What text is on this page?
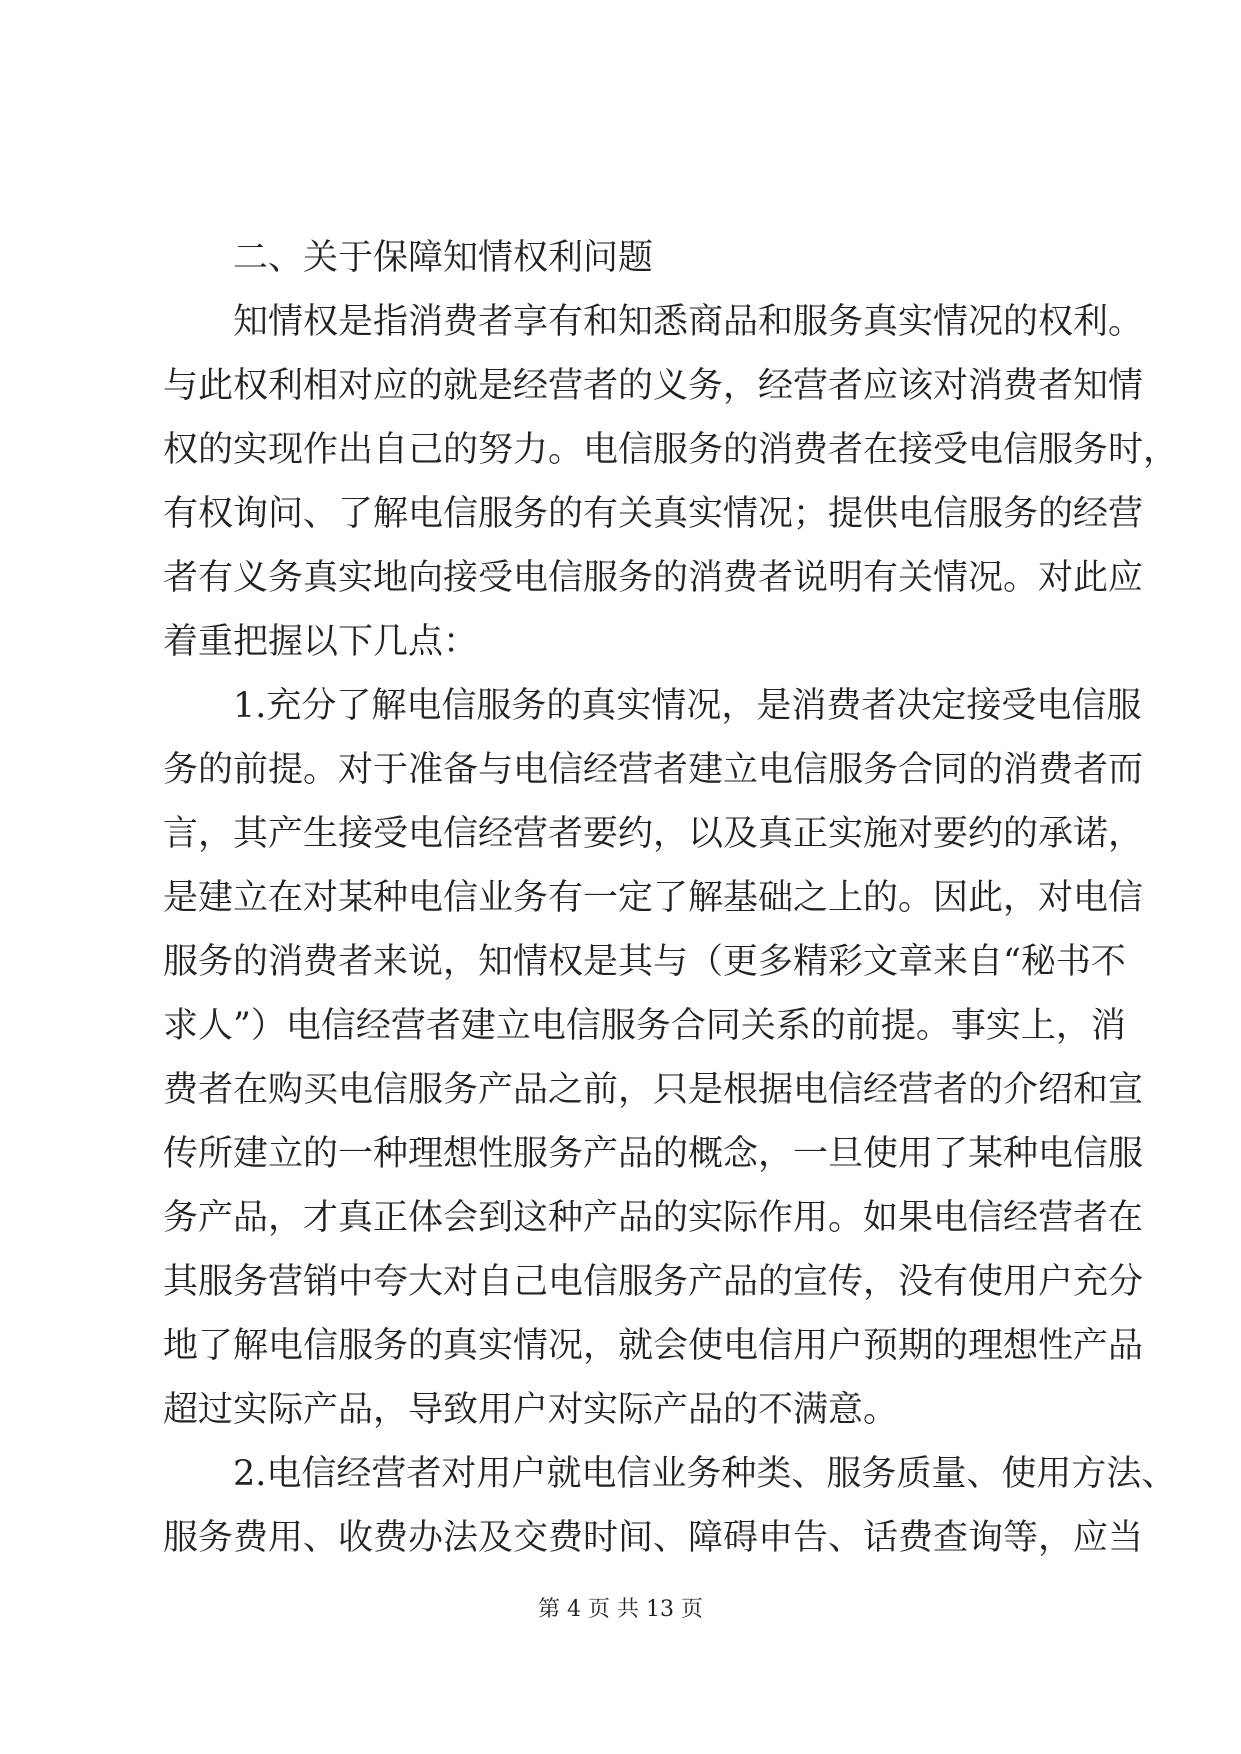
二、关于保障知情权利问题
知情权是指消费者享有和知悉商品和服务真实情况的权利。
与此权利相对应的就是经营者的义务，经营者应该对消费者知情
权的实现作出自己的努力。电信服务的消费者在接受电信服务时，
有权询问、了解电信服务的有关真实情况；提供电信服务的经营
者有义务真实地向接受电信服务的消费者说明有关情况。对此应
着重把握以下几点：
1.充分了解电信服务的真实情况，是消费者决定接受电信服
务的前提。对于准备与电信经营者建立电信服务合同的消费者而
言，其产生接受电信经营者要约，以及真正实施对要约的承诺，
是建立在对某种电信业务有一定了解基础之上的。因此，对电信
服务的消费者来说，知情权是其与（更多精彩文章来自“秘书不
求人”）电信经营者建立电信服务合同关系的前提。事实上，消
费者在购买电信服务产品之前，只是根据电信经营者的介绍和宣
传所建立的一种理想性服务产品的概念，一旦使用了某种电信服
务产品，才真正体会到这种产品的实际作用。如果电信经营者在
其服务营销中夸大对自己电信服务产品的宣传，没有使用户充分
地了解电信服务的真实情况，就会使电信用户预期的理想性产品
超过实际产品，导致用户对实际产品的不满意。
2.电信经营者对用户就电信业务种类、服务质量、使用方法、
服务费用、收费办法及交费时间、障碍申告、话费查询等，应当
第 4 页 共 13 页
